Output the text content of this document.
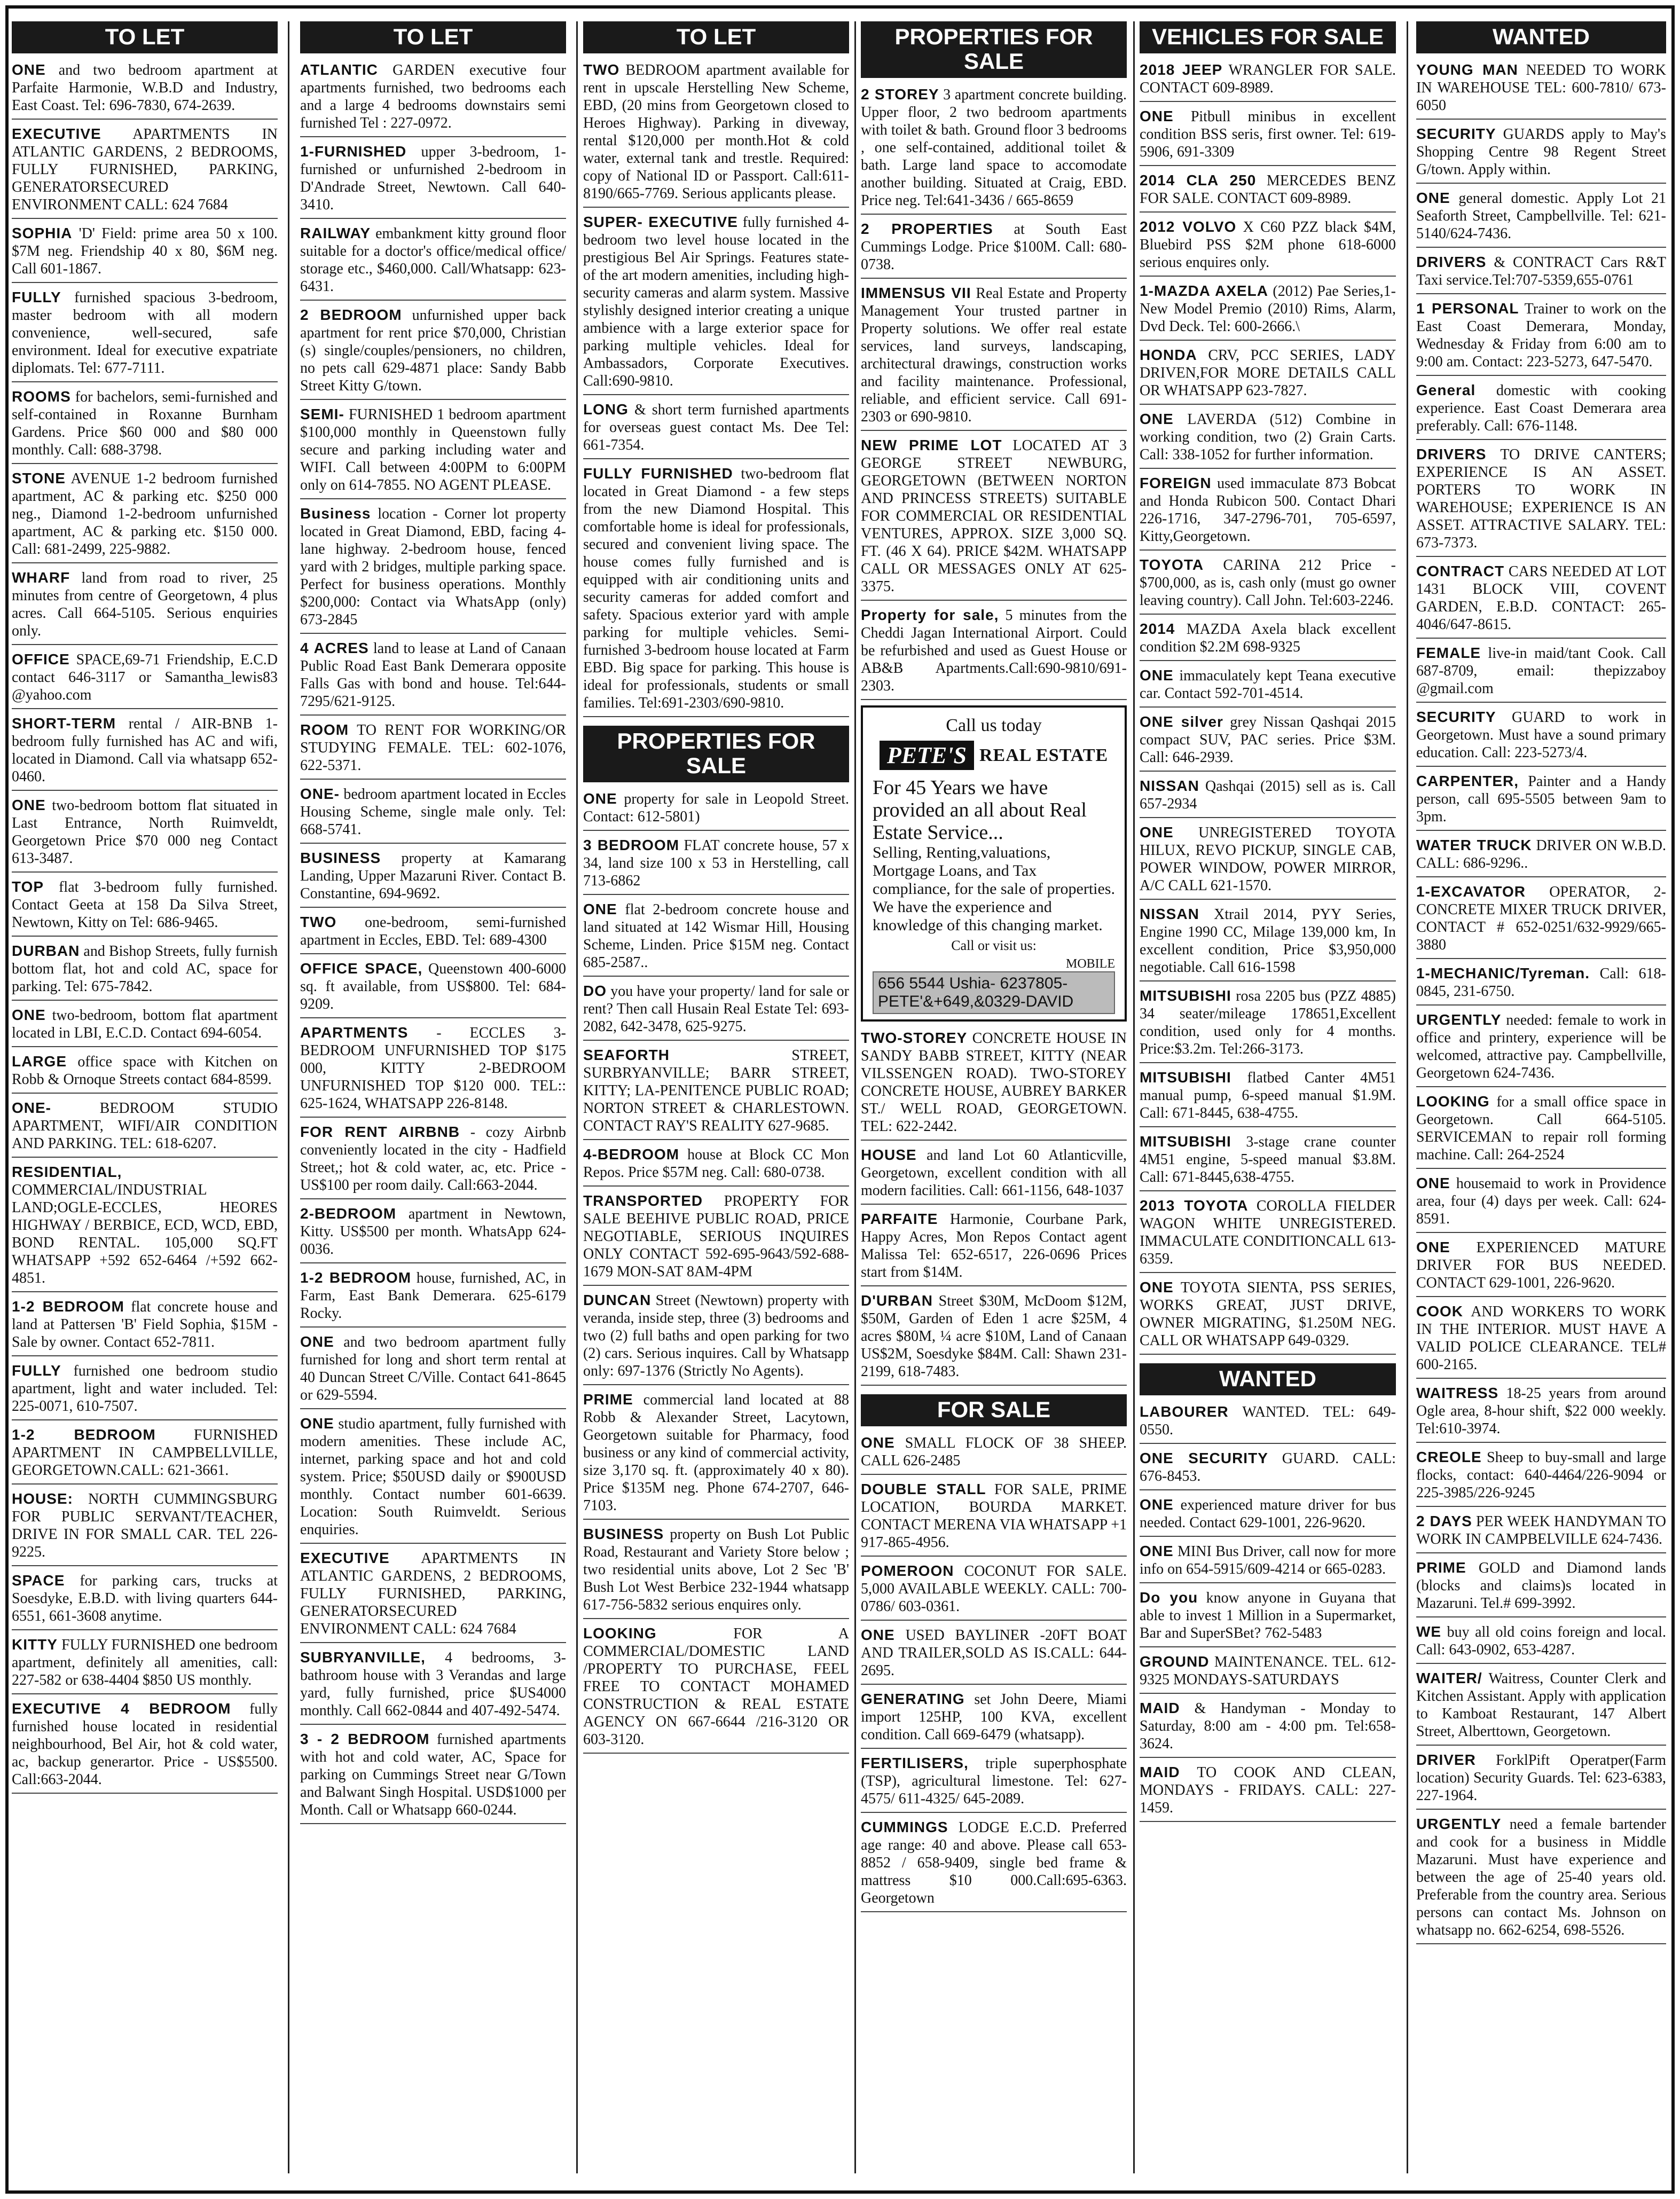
TO LET

ONE and two bedroom apartment at Parfaite Harmonie, W.B.D and Industry, East Coast. Tel: 696-7830, 674-2639.

EXECUTIVE APARTMENTS IN ATLANTIC GARDENS, 2 BEDROOMS, FULLY FURNISHED, PARKING, GENERATORSECURED ENVIRONMENT CALL: 624 7684

SOPHIA 'D' Field: prime area 50 x 100. $7M neg. Friendship 40 x 80, $6M neg. Call 601-1867.

FULLY furnished spacious 3-bedroom, master bedroom with all modern convenience, well-secured, safe environment. Ideal for executive expatriate diplomats. Tel: 677-7111.

ROOMS for bachelors, semi-furnished and self-contained in Roxanne Burnham Gardens. Price $60 000 and $80 000 monthly. Call: 688-3798.

STONE AVENUE 1-2 bedroom furnished apartment, AC & parking etc. $250 000 neg., Diamond 1-2-bedroom unfurnished apartment, AC & parking etc. $150 000. Call: 681-2499, 225-9882.

WHARF land from road to river, 25 minutes from centre of Georgetown, 4 plus acres. Call 664-5105. Serious enquiries only.

OFFICE SPACE,69-71 Friendship, E.C.D contact 646-3117 or Samantha_lewis83 @yahoo.com

SHORT-TERM rental / AIR-BNB 1-bedroom fully furnished has AC and wifi, located in Diamond. Call via whatsapp 652-0460.

ONE two-bedroom bottom flat situated in Last Entrance, North Ruimveldt, Georgetown Price $70 000 neg Contact 613-3487.

TOP flat 3-bedroom fully furnished. Contact Geeta at 158 Da Silva Street, Newtown, Kitty on Tel: 686-9465.

DURBAN and Bishop Streets, fully furnish bottom flat, hot and cold AC, space for parking. Tel: 675-7842.

ONE two-bedroom, bottom flat apartment located in LBI, E.C.D. Contact 694-6054.

LARGE office space with Kitchen on Robb & Ornoque Streets contact 684-8599.

ONE-	BEDROOM STUDIO APARTMENT, WIFI/AIR CONDITION AND PARKING. TEL: 618-6207.

RESIDENTIAL, COMMERCIAL/INDUSTRIAL LAND;OGLE-ECCLES, HEORES HIGHWAY / BERBICE, ECD, WCD, EBD, BOND RENTAL. 105,000 SQ.FT WHATSAPP +592 652-6464 /+592 662-4851.

1-2 BEDROOM flat concrete house and land at Pattersen 'B' Field Sophia, $15M - Sale by owner. Contact 652-7811.

FULLY furnished one bedroom studio apartment, light and water included. Tel: 225-0071, 610-7507.

1-2 BEDROOM	FURNISHED APARTMENT IN CAMPBELLVILLE, GEORGETOWN.CALL: 621-3661.

HOUSE: NORTH CUMMINGSBURG FOR PUBLIC SERVANT/TEACHER, DRIVE IN FOR SMALL CAR. TEL 226-9225.

SPACE for parking cars, trucks at Soesdyke, E.B.D. with living quarters 644-6551, 661-3608 anytime.

KITTY FULLY FURNISHED one bedroom apartment, definitely all amenities, call: 227-582 or 638-4404 $850 US monthly.

EXECUTIVE 4 BEDROOM fully furnished house located in residential neighbourhood, Bel Air, hot & cold water, ac, backup generartor. Price - US$5500. Call:663-2044.

TO LET

ATLANTIC GARDEN executive four apartments furnished, two bedrooms each and a large 4 bedrooms downstairs semi furnished Tel : 227-0972.

1-FURNISHED upper 3-bedroom, 1-furnished or unfurnished 2-bedroom in D'Andrade Street, Newtown. Call 640-3410.

RAILWAY embankment kitty ground floor suitable for a doctor's office/medical office/ storage etc., $460,000. Call/Whatsapp: 623-6431.

2 BEDROOM unfurnished upper back apartment for rent price $70,000, Christian (s) single/couples/pensioners, no children, no pets call 629-4871 place: Sandy Babb Street Kitty G/town.

SEMI- FURNISHED 1 bedroom apartment $100,000 monthly in Queenstown fully secure and parking including water and WIFI. Call between 4:00PM to 6:00PM only on 614-7855. NO AGENT PLEASE.

Business location - Corner lot property located in Great Diamond, EBD, facing 4-lane highway. 2-bedroom house, fenced yard with 2 bridges, multiple parking space. Perfect for business operations. Monthly $200,000: Contact via WhatsApp (only) 673-2845

4 ACRES land to lease at Land of Canaan Public Road East Bank Demerara opposite Falls Gas with bond and house. Tel:644-7295/621-9125.

ROOM TO RENT FOR WORKING/OR STUDYING FEMALE. TEL: 602-1076, 622-5371.

ONE- bedroom apartment located in Eccles Housing Scheme, single male only. Tel: 668-5741.

BUSINESS property at Kamarang Landing, Upper Mazaruni River. Contact B. Constantine, 694-9692.

TWO one-bedroom, semi-furnished apartment in Eccles, EBD. Tel: 689-4300

OFFICE SPACE, Queenstown 400-6000 sq. ft available, from US$800. Tel: 684-9209.

APARTMENTS - ECCLES 3-BEDROOM UNFURNISHED TOP $175 000, KITTY 2-BEDROOM UNFURNISHED TOP $120 000. TEL:: 625-1624, WHATSAPP 226-8148.

FOR RENT AIRBNB - cozy Airbnb conveniently located in the city - Hadfield Street,; hot & cold water, ac, etc. Price - US$100 per room daily. Call:663-2044.

2-BEDROOM apartment in Newtown, Kitty. US$500 per month. WhatsApp 624-0036.

1-2 BEDROOM house, furnished, AC, in Farm, East Bank Demerara. 625-6179 Rocky.

ONE and two bedroom apartment fully furnished for long and short term rental at 40 Duncan Street C/Ville. Contact 641-8645 or 629-5594.

ONE studio apartment, fully furnished with modern amenities. These include AC, internet, parking space and hot and cold system. Price; $50USD daily or $900USD monthly. Contact number 601-6639. Location: South Ruimveldt. Serious enquiries.

EXECUTIVE APARTMENTS IN ATLANTIC GARDENS, 2 BEDROOMS, FULLY FURNISHED, PARKING, GENERATORSECURED ENVIRONMENT CALL: 624 7684

SUBRYANVILLE, 4 bedrooms, 3-bathroom house with 3 Verandas and large yard, fully furnished, price $US4000 monthly. Call 662-0844 and 407-492-5474.

3 - 2 BEDROOM furnished apartments with hot and cold water, AC, Space for parking on Cummings Street near G/Town and Balwant Singh Hospital. USD$1000 per Month. Call or Whatsapp 660-0244.

TO LET

TWO BEDROOM apartment available for rent in upscale Herstelling New Scheme, EBD, (20 mins from Georgetown closed to Heroes Highway). Parking in diveway, rental $120,000 per month.Hot & cold water, external tank and trestle. Required: copy of National ID or Passport. Call:611-8190/665-7769. Serious applicants please.

SUPER- EXECUTIVE fully furnished 4-bedroom two level house located in the prestigious Bel Air Springs. Features state-of the art modern amenities, including high- security cameras and alarm system. Massive stylishly designed interior creating a unique ambience with a large exterior space for parking multiple vehicles. Ideal for Ambassadors, Corporate Executives. Call:690-9810.

LONG & short term furnished apartments for overseas guest contact Ms. Dee Tel: 661-7354.

FULLY FURNISHED two-bedroom flat located in Great Diamond - a few steps from the new Diamond Hospital. This comfortable home is ideal for professionals, secured and convenient living space. The house comes fully furnished and is equipped with air conditioning units and security cameras for added comfort and safety. Spacious exterior yard with ample parking for multiple vehicles. Semi- furnished 3-bedroom house located at Farm EBD. Big space for parking. This house is ideal for professionals, students or small families. Tel:691-2303/690-9810.

PROPERTIES FOR SALE

ONE property for sale in Leopold Street. Contact: 612-5801)

3 BEDROOM FLAT concrete house, 57 x 34, land size 100 x 53 in Herstelling, call 713-6862

ONE flat 2-bedroom concrete house and land situated at 142 Wismar Hill, Housing Scheme, Linden. Price $15M neg. Contact 685-2587..

DO you have your property/ land for sale or rent? Then call Husain Real Estate Tel: 693-2082, 642-3478, 625-9275.

SEAFORTH	STREET, SURBRYANVILLE; BARR STREET, KITTY; LA-PENITENCE PUBLIC ROAD; NORTON STREET & CHARLESTOWN. CONTACT RAY'S REALITY 627-9685.

4-BEDROOM house at Block CC Mon Repos. Price $57M neg. Call: 680-0738.

TRANSPORTED PROPERTY FOR SALE BEEHIVE PUBLIC ROAD, PRICE NEGOTIABLE, SERIOUS INQUIRES ONLY CONTACT 592-695-9643/592-688-1679 MON-SAT 8AM-4PM

DUNCAN Street (Newtown) property with veranda, inside step, three (3) bedrooms and two (2) full baths and open parking for two (2) cars. Serious inquires. Call by Whatsapp only: 697-1376 (Strictly No Agents).

PRIME commercial land located at 88 Robb & Alexander Street, Lacytown, Georgetown suitable for Pharmacy, food business or any kind of commercial activity, size 3,170 sq. ft. (approximately 40 x 80). Price $135M neg. Phone 674-2707, 646-7103.

BUSINESS property on Bush Lot Public Road, Restaurant and Variety Store below ; two residential units above, Lot 2 Sec 'B' Bush Lot West Berbice 232-1944 whatsapp 617-756-5832 serious enquires only.

LOOKING	FOR A COMMERCIAL/DOMESTIC LAND /PROPERTY TO PURCHASE, FEEL FREE TO CONTACT MOHAMED CONSTRUCTION & REAL ESTATE AGENCY ON 667-6644 /216-3120 OR 603-3120.

PROPERTIES FOR SALE

2 STOREY 3 apartment concrete building. Upper floor, 2 two bedroom apartments with toilet & bath. Ground floor 3 bedrooms , one self-contained, additional toilet & bath. Large land space to accomodate another building. Situated at Craig, EBD. Price neg. Tel:641-3436 / 665-8659

2 PROPERTIES at South East Cummings Lodge. Price $100M. Call: 680-0738.

IMMENSUS VII Real Estate and Property Management Your trusted partner in Property solutions. We offer real estate services, land surveys, landscaping, architectural drawings, construction works and facility maintenance. Professional, reliable, and efficient service. Call 691-2303 or 690-9810.

NEW PRIME LOT LOCATED AT 3 GEORGE STREET NEWBURG, GEORGETOWN (BETWEEN NORTON AND PRINCESS STREETS) SUITABLE FOR COMMERCIAL OR RESIDENTIAL VENTURES, APPROX. SIZE 3,000 SQ. FT. (46 X 64). PRICE $42M. WHATSAPP CALL OR MESSAGES ONLY AT 625-3375.

Property for sale, 5 minutes from the Cheddi Jagan International Airport. Could be refurbished and used as Guest House or AB&B Apartments.Call:690-9810/691-2303.

Call us today
PETE'S REAL ESTATE
For 45 Years we have provided an all about Real Estate Service...
Selling, Renting,valuations, Mortgage Loans, and Tax compliance, for the sale of properties. We have the experience and knowledge of this changing market.
Call or visit us:
MOBILE
656 5544 Ushia- 6237805- PETE'&+649,&0329-DAVID

TWO-STOREY CONCRETE HOUSE IN SANDY BABB STREET, KITTY (NEAR VILSSENGEN ROAD). TWO-STOREY CONCRETE HOUSE, AUBREY BARKER ST./ WELL ROAD, GEORGETOWN. TEL: 622-2442.

HOUSE and land Lot 60 Atlanticville, Georgetown, excellent condition with all modern facilities. Call: 661-1156, 648-1037

PARFAITE Harmonie, Courbane Park, Happy Acres, Mon Repos Contact agent Malissa Tel: 652-6517, 226-0696 Prices start from $14M.

D'URBAN Street $30M, McDoom $12M, $50M, Garden of Eden 1 acre $25M, 4 acres $80M, ¼ acre $10M, Land of Canaan US$2M, Soesdyke $84M. Call: Shawn 231-2199, 618-7483.

FOR SALE

ONE SMALL FLOCK OF 38 SHEEP. CALL 626-2485

DOUBLE STALL FOR SALE, PRIME LOCATION, BOURDA MARKET. CONTACT MERENA VIA WHATSAPP +1 917-865-4956.

POMEROON COCONUT FOR SALE. 5,000 AVAILABLE WEEKLY. CALL: 700-0786/ 603-0361.

ONE USED BAYLINER -20FT BOAT AND TRAILER,SOLD AS IS.CALL: 644-2695.

GENERATING set John Deere, Miami import 125HP, 100 KVA, excellent condition. Call 669-6479 (whatsapp).

FERTILISERS, triple superphosphate (TSP), agricultural limestone. Tel: 627-4575/ 611-4325/ 645-2089.

CUMMINGS LODGE E.C.D. Preferred age range: 40 and above. Please call 653-8852 / 658-9409, single bed frame & mattress $10 000.Call:695-6363. Georgetown

VEHICLES FOR SALE

2018 JEEP WRANGLER FOR SALE. CONTACT 609-8989.

ONE Pitbull minibus in excellent condition BSS seris, first owner. Tel: 619-5906, 691-3309

2014 CLA 250 MERCEDES BENZ FOR SALE. CONTACT 609-8989.

2012 VOLVO X C60 PZZ black $4M, Bluebird PSS $2M phone 618-6000 serious enquires only.

1-MAZDA AXELA (2012) Pae Series,1- New Model Premio (2010) Rims, Alarm, Dvd Deck. Tel: 600-2666.\

HONDA CRV, PCC SERIES, LADY DRIVEN,FOR MORE DETAILS CALL OR WHATSAPP 623-7827.

ONE LAVERDA (512) Combine in working condition, two (2) Grain Carts. Call: 338-1052 for further information.

FOREIGN used immaculate 873 Bobcat and Honda Rubicon 500. Contact Dhari 226-1716, 347-2796-701, 705-6597, Kitty,Georgetown.

TOYOTA CARINA 212 Price - $700,000, as is, cash only (must go owner leaving country). Call John. Tel:603-2246.

2014 MAZDA Axela black excellent condition $2.2M 698-9325

ONE immaculately kept Teana executive car. Contact 592-701-4514.

ONE silver grey Nissan Qashqai 2015 compact SUV, PAC series. Price $3M. Call: 646-2939.

NISSAN Qashqai (2015) sell as is. Call 657-2934

ONE UNREGISTERED TOYOTA HILUX, REVO PICKUP, SINGLE CAB, POWER WINDOW, POWER MIRROR, A/C CALL 621-1570.

NISSAN Xtrail 2014, PYY Series, Engine 1990 CC, Milage 139,000 km, In excellent condition, Price $3,950,000 negotiable. Call 616-1598

MITSUBISHI rosa 2205 bus (PZZ 4885) 34 seater/mileage 178651,Excellent condition, used only for 4 months. Price:$3.2m. Tel:266-3173.

MITSUBISHI flatbed Canter 4M51 manual pump, 6-speed manual $1.9M. Call: 671-8445, 638-4755.

MITSUBISHI 3-stage crane counter 4M51 engine, 5-speed manual $3.8M. Call: 671-8445,638-4755.

2013 TOYOTA COROLLA FIELDER WAGON WHITE UNREGISTERED. IMMACULATE CONDITIONCALL 613-6359.

ONE TOYOTA SIENTA, PSS SERIES, WORKS GREAT, JUST DRIVE, OWNER MIGRATING, $1.250M NEG. CALL OR WHATSAPP 649-0329.

WANTED

LABOURER WANTED. TEL: 649-0550.

ONE SECURITY GUARD. CALL: 676-8453.

ONE experienced mature driver for bus needed. Contact 629-1001, 226-9620.

ONE MINI Bus Driver, call now for more info on 654-5915/609-4214 or 665-0283.

Do you know anyone in Guyana that able to invest 1 Million in a Supermarket, Bar and SuperSBet? 762-5483

GROUND MAINTENANCE. TEL. 612-9325 MONDAYS-SATURDAYS

MAID & Handyman - Monday to Saturday, 8:00 am - 4:00 pm. Tel:658-3624.

MAID TO COOK AND CLEAN, MONDAYS - FRIDAYS. CALL: 227-1459.

WANTED

YOUNG MAN NEEDED TO WORK IN WAREHOUSE TEL: 600-7810/ 673-6050

SECURITY GUARDS apply to May's Shopping Centre 98 Regent Street G/town. Apply within.

ONE general domestic. Apply Lot 21 Seaforth Street, Campbellville. Tel: 621-5140/624-7436.

DRIVERS & CONTRACT Cars R&T Taxi service.Tel:707-5359,655-0761

1 PERSONAL Trainer to work on the East Coast Demerara, Monday, Wednesday & Friday from 6:00 am to 9:00 am. Contact: 223-5273, 647-5470.

General domestic with cooking experience. East Coast Demerara area preferably. Call: 676-1148.

DRIVERS TO DRIVE CANTERS; EXPERIENCE IS AN ASSET. PORTERS TO WORK IN WAREHOUSE; EXPERIENCE IS AN ASSET. ATTRACTIVE SALARY. TEL: 673-7373.

CONTRACT CARS NEEDED AT LOT 1431 BLOCK VIII, COVENT GARDEN, E.B.D. CONTACT: 265-4046/647-8615.

FEMALE live-in maid/tant Cook. Call 687-8709, email: thepizzaboy @gmail.com

SECURITY GUARD to work in Georgetown. Must have a sound primary education. Call: 223-5273/4.

CARPENTER, Painter and a Handy person, call 695-5505 between 9am to 3pm.

WATER TRUCK DRIVER ON W.B.D. CALL: 686-9296..

1-EXCAVATOR OPERATOR, 2- CONCRETE MIXER TRUCK DRIVER, CONTACT # 652-0251/632-9929/665-3880

1-MECHANIC/Tyreman. Call: 618-0845, 231-6750.

URGENTLY needed: female to work in office and printery, experience will be welcomed, attractive pay. Campbellville, Georgetown 624-7436.

LOOKING for a small office space in Georgetown. Call 664-5105. SERVICEMAN to repair roll forming machine. Call: 264-2524

ONE housemaid to work in Providence area, four (4) days per week. Call: 624-8591.

ONE EXPERIENCED MATURE DRIVER FOR BUS NEEDED. CONTACT 629-1001, 226-9620.

COOK AND WORKERS TO WORK IN THE INTERIOR. MUST HAVE A VALID POLICE CLEARANCE. TEL# 600-2165.

WAITRESS 18-25 years from around Ogle area, 8-hour shift, $22 000 weekly. Tel:610-3974.

CREOLE Sheep to buy-small and large flocks, contact: 640-4464/226-9094 or 225-3985/226-9245

2 DAYS PER WEEK HANDYMAN TO WORK IN CAMPBELVILLE 624-7436.

PRIME GOLD and Diamond lands (blocks and claims)s located in Mazaruni. Tel.# 699-3992.

WE buy all old coins foreign and local. Call: 643-0902, 653-4287.

WAITER/ Waitress, Counter Clerk and Kitchen Assistant. Apply with application to Kamboat Restaurant, 147 Albert Street, Alberttown, Georgetown.

DRIVER ForklPift Operatper(Farm location) Security Guards. Tel: 623-6383, 227-1964.

URGENTLY need a female bartender and cook for a business in Middle Mazaruni. Must have experience and between the age of 25-40 years old. Preferable from the country area. Serious persons can contact Ms. Johnson on whatsapp no. 662-6254, 698-5526.
